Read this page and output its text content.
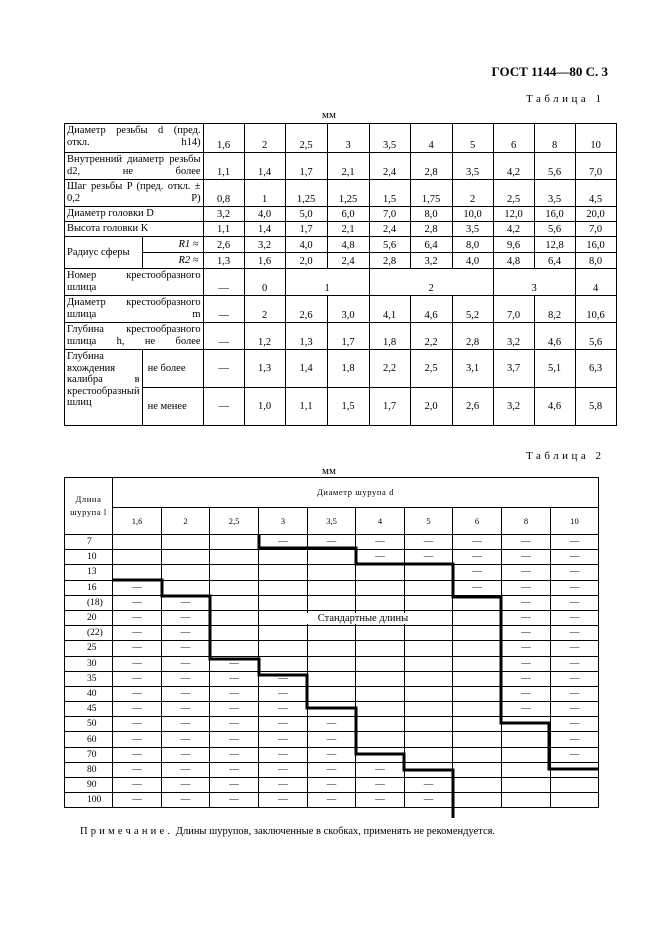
ГОСТ 1144—80 С. 3
Таблица 1
мм
Диаметр резьбы d (пред. откл. h14)		1,6	2	2,5	3	3,5	4	5	6	8	10
Внутренний диаметр резьбы d2, не более		1,1	1,4	1,7	2,1	2,4	2,8	3,5	4,2	5,6	7,0
Шаг резьбы P (пред. откл. ± 0,2 P)		0,8	1	1,25	1,25	1,5	1,75	2	2,5	3,5	4,5
Диаметр головки D		3,2	4,0	5,0	6,0	7,0	8,0	10,0	12,0	16,0	20,0
Высота головки K		1,1	1,4	1,7	2,1	2,4	2,8	3,5	4,2	5,6	7,0
Радиус сферы	R1 ≈	2,6	3,2	4,0	4,8	5,6	6,4	8,0	9,6	12,8	16,0
	R2 ≈	1,3	1,6	2,0	2,4	2,8	3,2	4,0	4,8	6,4	8,0
Номер крестообразного шлица		—	0	1		2			3		4
Диаметр крестообразного шлица m		—	2	2,6	3,0	4,1	4,6	5,2	7,0	8,2	10,6
Глубина крестообразного шлица h, не более		—	1,2	1,3	1,7	1,8	2,2	2,8	3,2	4,6	5,6
Глубина вхождения калибра в крестообразный шлиц	не более	—	1,3	1,4	1,8	2,2	2,5	3,1	3,7	5,1	6,3
	не менее	—	1,0	1,1	1,5	1,7	2,0	2,6	3,2	4,6	5,8
Таблица 2
мм
Длина шурупа l	Диаметр шурупа d									
	1,6	2	2,5	3	3,5	4	5	6	8	10
7				—	—	—	—	—	—	—
10						—	—	—	—	—
13								—	—	—
16	—							—	—	—
(18)	—	—							—	—
20	—	—							—	—
(22)	—	—							—	—
25	—	—							—	—
30	—	—	—						—	—
35	—	—	—	—					—	—
40	—	—	—	—					—	—
45	—	—	—	—	—				—	—
50	—	—	—	—	—					—
60	—	—	—	—	—					—
70	—	—	—	—	—	—				—
80	—	—	—	—	—	—	—			
90	—	—	—	—	—	—	—			
100	—	—	—	—	—	—	—			
Стандартные длины
Примечание. Длины шурупов, заключенные в скобках, применять не рекомендуется.
